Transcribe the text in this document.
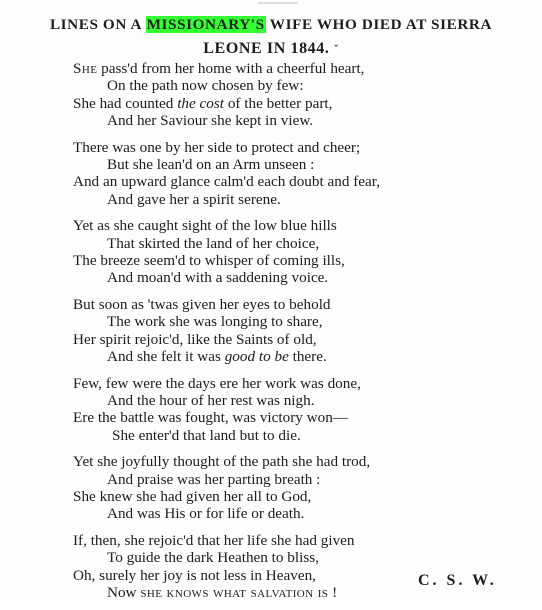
LINES ON A MISSIONARY'S WIFE WHO DIED AT SIERRA
LEONE IN 1844. $^ˇ$
She pass'd from her home with a cheerful heart,
On the path now chosen by few:
She had counted the cost of the better part,
And her Saviour she kept in view.
There was one by her side to protect and cheer;
But she lean'd on an Arm unseen :
And an upward glance calm'd each doubt and fear,
And gave her a spirit serene.
Yet as she caught sight of the low blue hills
That skirted the land of her choice,
The breeze seem'd to whisper of coming ills,
And moan'd with a saddening voice.
But soon as 'twas given her eyes to behold
The work she was longing to share,
Her spirit rejoic'd, like the Saints of old,
And she felt it was good to be there.
Few, few were the days ere her work was done,
And the hour of her rest was nigh.
Ere the battle was fought, was victory won—
She enter'd that land but to die.
Yet she joyfully thought of the path she had trod,
And praise was her parting breath :
She knew she had given her all to God,
And was His or for life or death.
If, then, she rejoic'd that her life she had given
To guide the dark Heathen to bliss,
Oh, surely her joy is not less in Heaven,
Now she knows what salvation is !
C. S. W.
